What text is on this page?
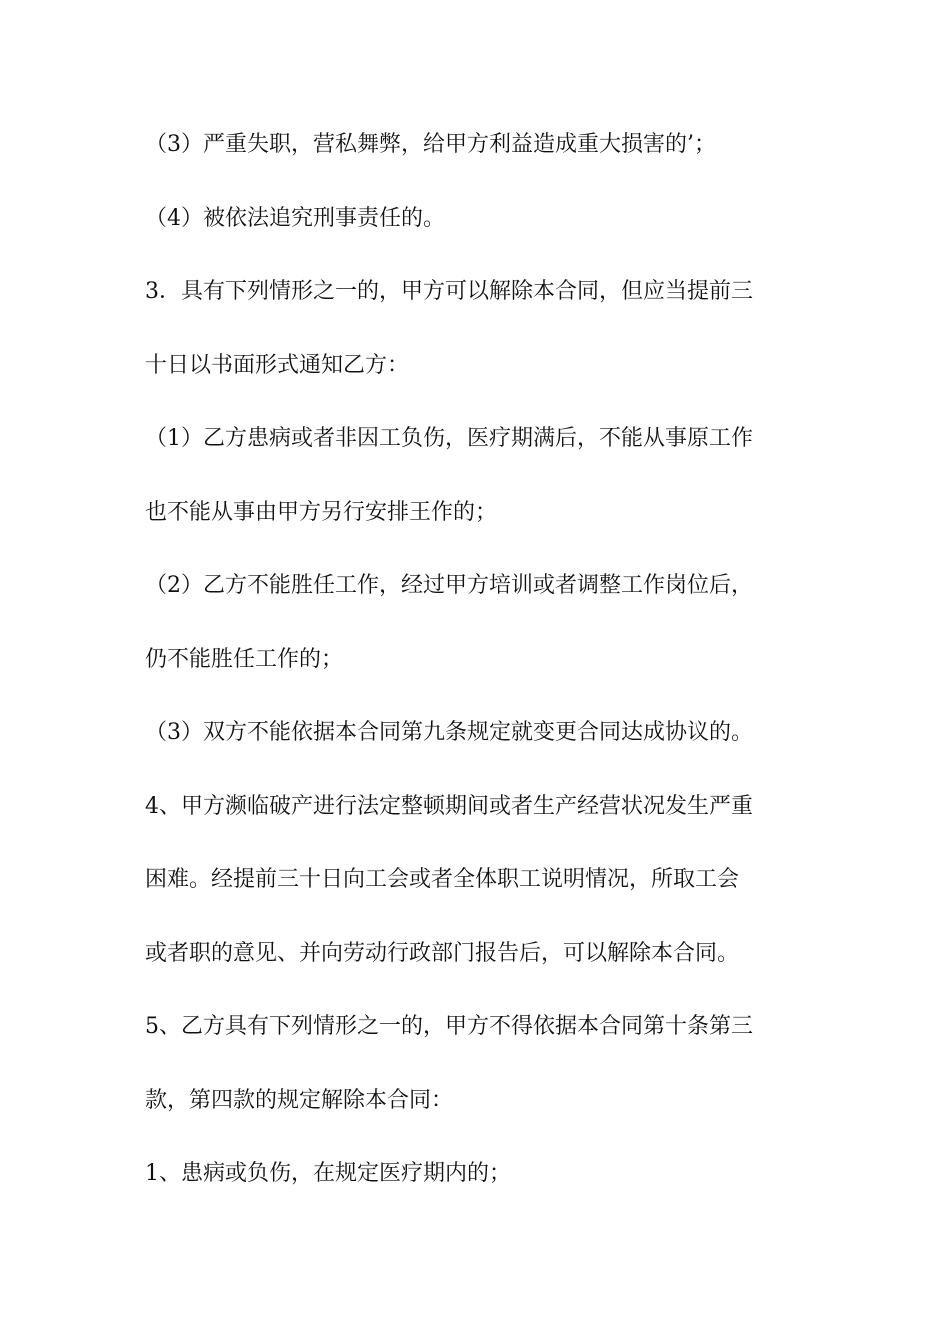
（3）严重失职，营私舞弊，给甲方利益造成重大损害的’；
（4）被依法追究刑事责任的。
3．具有下列情形之一的，甲方可以解除本合同，但应当提前三
十日以书面形式通知乙方：
（1）乙方患病或者非因工负伤，医疗期满后，不能从事原工作
也不能从事由甲方另行安排王作的；
（2）乙方不能胜任工作，经过甲方培训或者调整工作岗位后，
仍不能胜任工作的；
（3）双方不能依据本合同第九条规定就变更合同达成协议的。
4、甲方濒临破产进行法定整顿期间或者生产经营状况发生严重
困难。经提前三十日向工会或者全体职工说明情况，所取工会
或者职的意见、并向劳动行政部门报告后，可以解除本合同。
5、乙方具有下列情形之一的，甲方不得依据本合同第十条第三
款，第四款的规定解除本合同：
1、患病或负伤，在规定医疗期内的；
